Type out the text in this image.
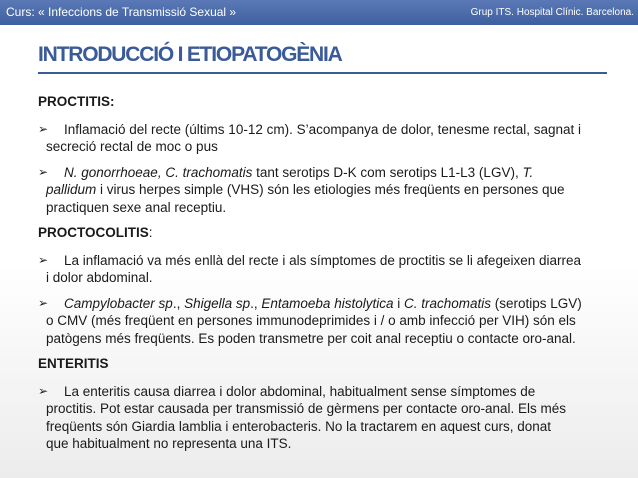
Curs: « Infeccions de Transmissió Sexual »	Grup ITS. Hospital Clínic. Barcelona.
INTRODUCCIÓ I ETIOPATOGÈNIA
PROCTITIS:
➢ Inflamació del recte (últims 10-12 cm). S’acompanya de dolor, tenesme rectal, sagnat i
secreció rectal de moc o pus
➢ N. gonorrhoeae, C. trachomatis tant serotips D-K com serotips L1-L3 (LGV), T.
pallidum i virus herpes simple (VHS) són les etiologies més freqüents en persones que
practiquen sexe anal receptiu.
PROCTOCOLITIS:
➢ La inflamació va més enllà del recte i als símptomes de proctitis se li afegeixen diarrea
i dolor abdominal.
➢ Campylobacter sp., Shigella sp., Entamoeba histolytica i C. trachomatis (serotips LGV)
o CMV (més freqüent en persones immunodeprimides i / o amb infecció per VIH) són els
patògens més freqüents. Es poden transmetre per coit anal receptiu o contacte oro-anal.
ENTERITIS
➢ La enteritis causa diarrea i dolor abdominal, habitualment sense símptomes de
proctitis. Pot estar causada per transmissió de gèrmens per contacte oro-anal. Els més
freqüents són Giardia lamblia i enterobacteris. No la tractarem en aquest curs, donat
que habitualment no representa una ITS.
